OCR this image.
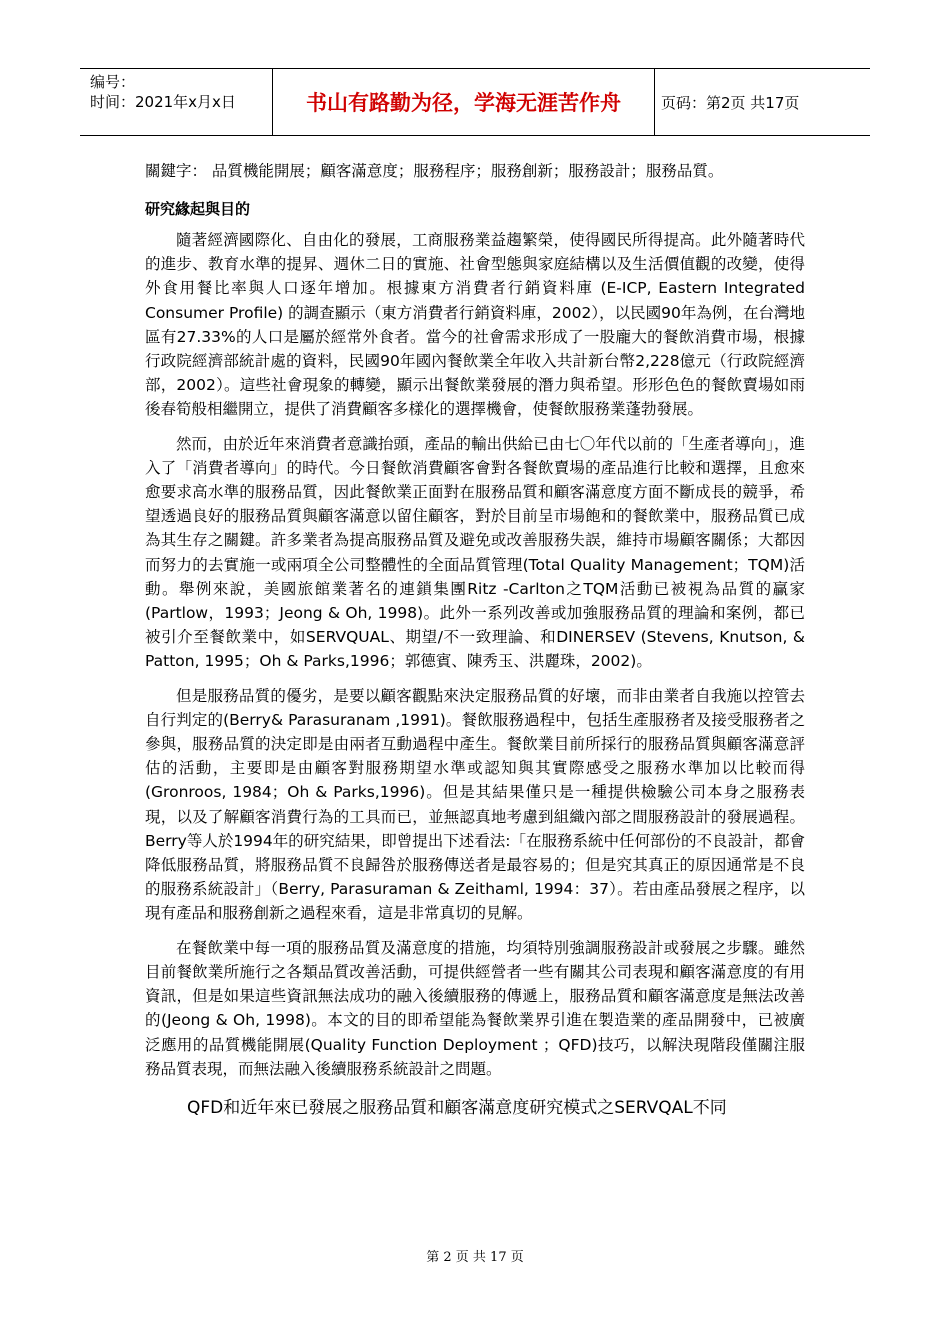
编号：
时间：2021年x月x日	书山有路勤为径，学海无涯苦作舟	页码：第2页 共17页
關鍵字： 品質機能開展；顧客滿意度；服務程序；服務創新；服務設計；服務品質。
研究緣起與目的

隨著經濟國際化、自由化的發展，工商服務業益趨繁榮，使得國民所得提高。此外隨著時代的進步、教育水準的提昇、週休二日的實施、社會型態與家庭結構以及生活價值觀的改變，使得外食用餐比率與人口逐年增加。根據東方消費者行銷資料庫 (E-ICP, Eastern Integrated Consumer Profile) 的調查顯示（東方消費者行銷資料庫，2002），以民國90年為例，在台灣地區有27.33%的人口是屬於經常外食者。當今的社會需求形成了一股龐大的餐飲消費市場，根據行政院經濟部統計處的資料，民國90年國內餐飲業全年收入共計新台幣2,228億元（行政院經濟部，2002）。這些社會現象的轉變，顯示出餐飲業發展的潛力與希望。形形色色的餐飲賣場如雨後春筍般相繼開立，提供了消費顧客多樣化的選擇機會，使餐飲服務業蓬勃發展。

然而，由於近年來消費者意識抬頭，產品的輸出供給已由七〇年代以前的「生產者導向」，進入了「消費者導向」的時代。今日餐飲消費顧客會對各餐飲賣場的產品進行比較和選擇，且愈來愈要求高水準的服務品質，因此餐飲業正面對在服務品質和顧客滿意度方面不斷成長的競爭，希望透過良好的服務品質與顧客滿意以留住顧客，對於目前呈市場飽和的餐飲業中，服務品質已成為其生存之關鍵。許多業者為提高服務品質及避免或改善服務失誤，維持市場顧客關係；大都因而努力的去實施一或兩項全公司整體性的全面品質管理(Total Quality Management；TQM)活動。舉例來說，美國旅館業著名的連鎖集團Ritz -Carlton之TQM活動已被視為品質的贏家(Partlow，1993；Jeong & Oh, 1998)。此外一系列改善或加強服務品質的理論和案例，都已被引介至餐飲業中，如SERVQUAL、期望/不一致理論、和DINERSEV (Stevens, Knutson, & Patton, 1995；Oh & Parks,1996；郭德賓、陳秀玉、洪麗珠，2002)。

但是服務品質的優劣，是要以顧客觀點來決定服務品質的好壞，而非由業者自我施以控管去自行判定的(Berry& Parasuranam ,1991)。餐飲服務過程中，包括生產服務者及接受服務者之參與，服務品質的決定即是由兩者互動過程中產生。餐飲業目前所採行的服務品質與顧客滿意評估的活動，主要即是由顧客對服務期望水準或認知與其實際感受之服務水準加以比較而得(Gronroos, 1984；Oh & Parks,1996)。但是其結果僅只是一種提供檢驗公司本身之服務表現，以及了解顧客消費行為的工具而已，並無認真地考慮到組織內部之間服務設計的發展過程。Berry等人於1994年的研究結果，即曾提出下述看法:「在服務系統中任何部份的不良設計，都會降低服務品質，將服務品質不良歸咎於服務傳送者是最容易的；但是究其真正的原因通常是不良的服務系統設計」（Berry, Parasuraman & Zeithaml, 1994：37）。若由產品發展之程序，以現有產品和服務創新之過程來看，這是非常真切的見解。

在餐飲業中每一項的服務品質及滿意度的措施，均須特別強調服務設計或發展之步驟。雖然目前餐飲業所施行之各類品質改善活動，可提供經營者一些有關其公司表現和顧客滿意度的有用資訊，但是如果這些資訊無法成功的融入後續服務的傳遞上，服務品質和顧客滿意度是無法改善的(Jeong & Oh, 1998)。本文的目的即希望能為餐飲業界引進在製造業的產品開發中，已被廣泛應用的品質機能開展(Quality Function Deployment ；QFD)技巧，以解決現階段僅關注服務品質表現，而無法融入後續服務系統設計之問題。

QFD和近年來已發展之服務品質和顧客滿意度研究模式之SERVQAL不同
第 2 页 共 17 页
